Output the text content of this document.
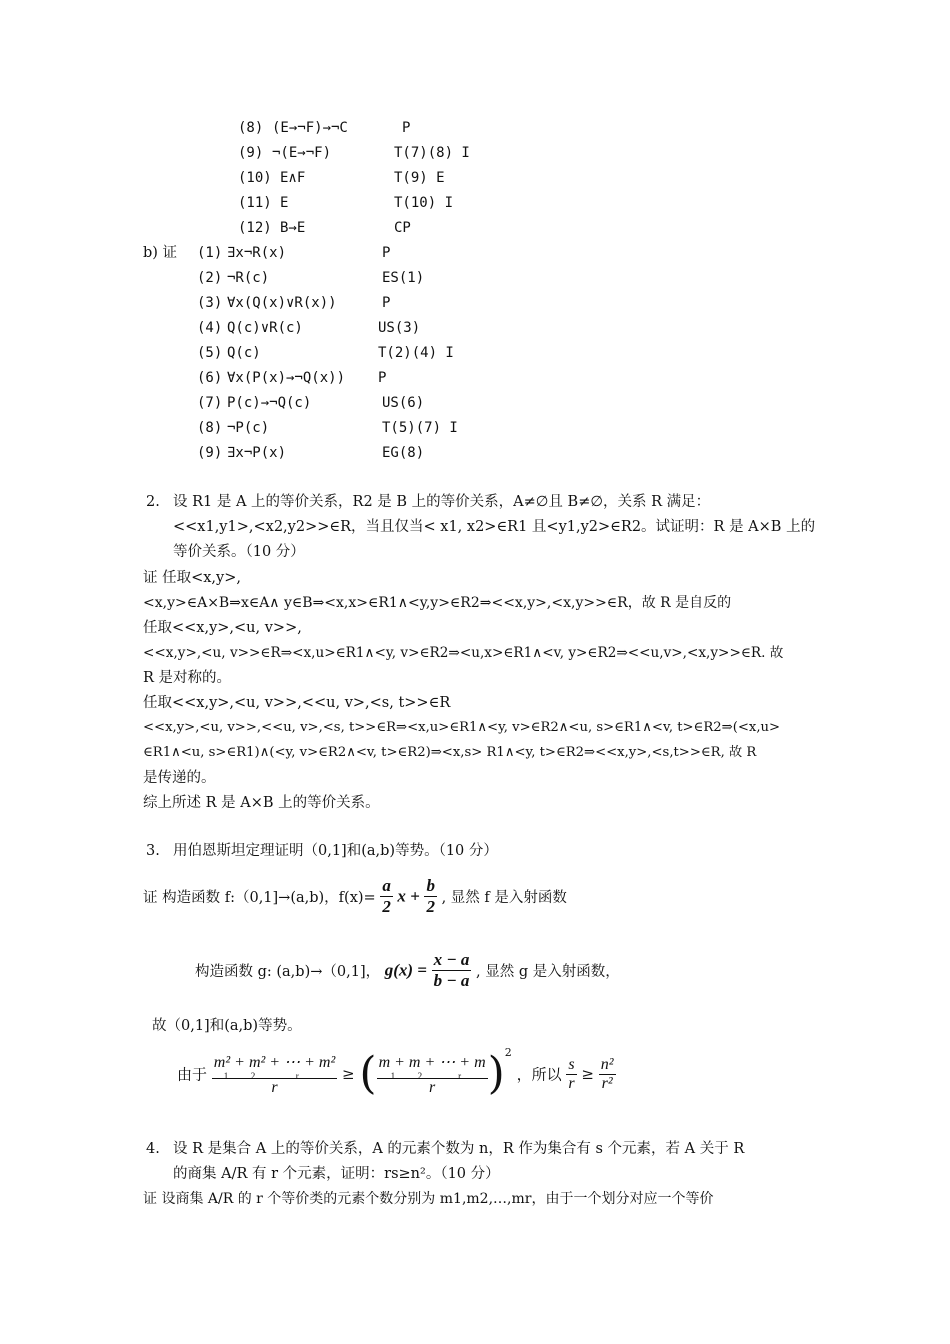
(8) (E→¬F)→¬C	P
(9) ¬(E→¬F)	T(7)(8) I
(10) E∧F	T(9) E
(11) E	T(10) I
(12) B→E	CP
b) 证 (1) ∃x¬R(x)	P
(2) ¬R(c)	ES(1)
(3) ∀x(Q(x)∨R(x))	P
(4) Q(c)∨R(c)	US(3)
(5) Q(c)	T(2)(4) I
(6) ∀x(P(x)→¬Q(x)) P
(7) P(c)→¬Q(c)	US(6)
(8) ¬P(c)	T(5)(7) I
(9) ∃x¬P(x)	EG(8)
2. 设 R1 是 A 上的等价关系，R2 是 B 上的等价关系，A≠∅且 B≠∅，关系 R 满足：
<<x1,y1>,<x2,y2>>∈R，当且仅当< x1, x2>∈R1 且<y1,y2>∈R2。试证明：R 是 A×B 上的
等价关系。（10 分）
证 任取<x,y>,
<x,y>∈A×B⇒x∈A∧ y∈B⇒<x,x>∈R1∧<y,y>∈R2⇒<<x,y>,<x,y>>∈R，故 R 是自反的
任取<<x,y>,<u, v>>,
<<x,y>,<u, v>>∈R⇒<x,u>∈R1∧<y, v>∈R2⇒<u,x>∈R1∧<v, y>∈R2⇒<<u,v>,<x,y>>∈R. 故
R 是对称的。
任取<<x,y>,<u, v>>,<<u, v>,<s, t>>∈R
<<x,y>,<u, v>>,<<u, v>,<s, t>>∈R⇒<x,u>∈R1∧<y, v>∈R2∧<u, s>∈R1∧<v, t>∈R2⇒(<x,u>
∈R1∧<u, s>∈R1)∧(<y, v>∈R2∧<v, t>∈R2)⇒<x,s> R1∧<y, t>∈R2⇒<<x,y>,<s,t>>∈R, 故 R
是传递的。
综上所述 R 是 A×B 上的等价关系。
3. 用伯恩斯坦定理证明（0,1]和(a,b)等势。（10 分）
证 构造函数 f:（0,1]→(a,b)，$f(x)= \frac{a}{2}$ $x + \frac{b}{2}$ , 显然 f 是入射函数
构造函数 g: (a,b)→（0,1]， $g(x) = \frac{x - a}{b - a}$ , 显然 g 是入射函数，
故（0,1]和(a,b)等势。
由于 m² + m² + ⋯ + m²
1          2                  r
r ≥ ( m + m + ⋯ + m
1          2                r
r )$^2$ ，所以 $\frac{s}{r} \ge \frac{\text{n²}}{\text{r²}}$
4. 设 R 是集合 A 上的等价关系，A 的元素个数为 n，R 作为集合有 s 个元素，若 A 关于 R
的商集 A/R 有 r 个元素，证明：rs≥n²。（10 分）
证 设商集 A/R 的 r 个等价类的元素个数分别为 m1,m2,…,mr，由于一个划分对应一个等价
